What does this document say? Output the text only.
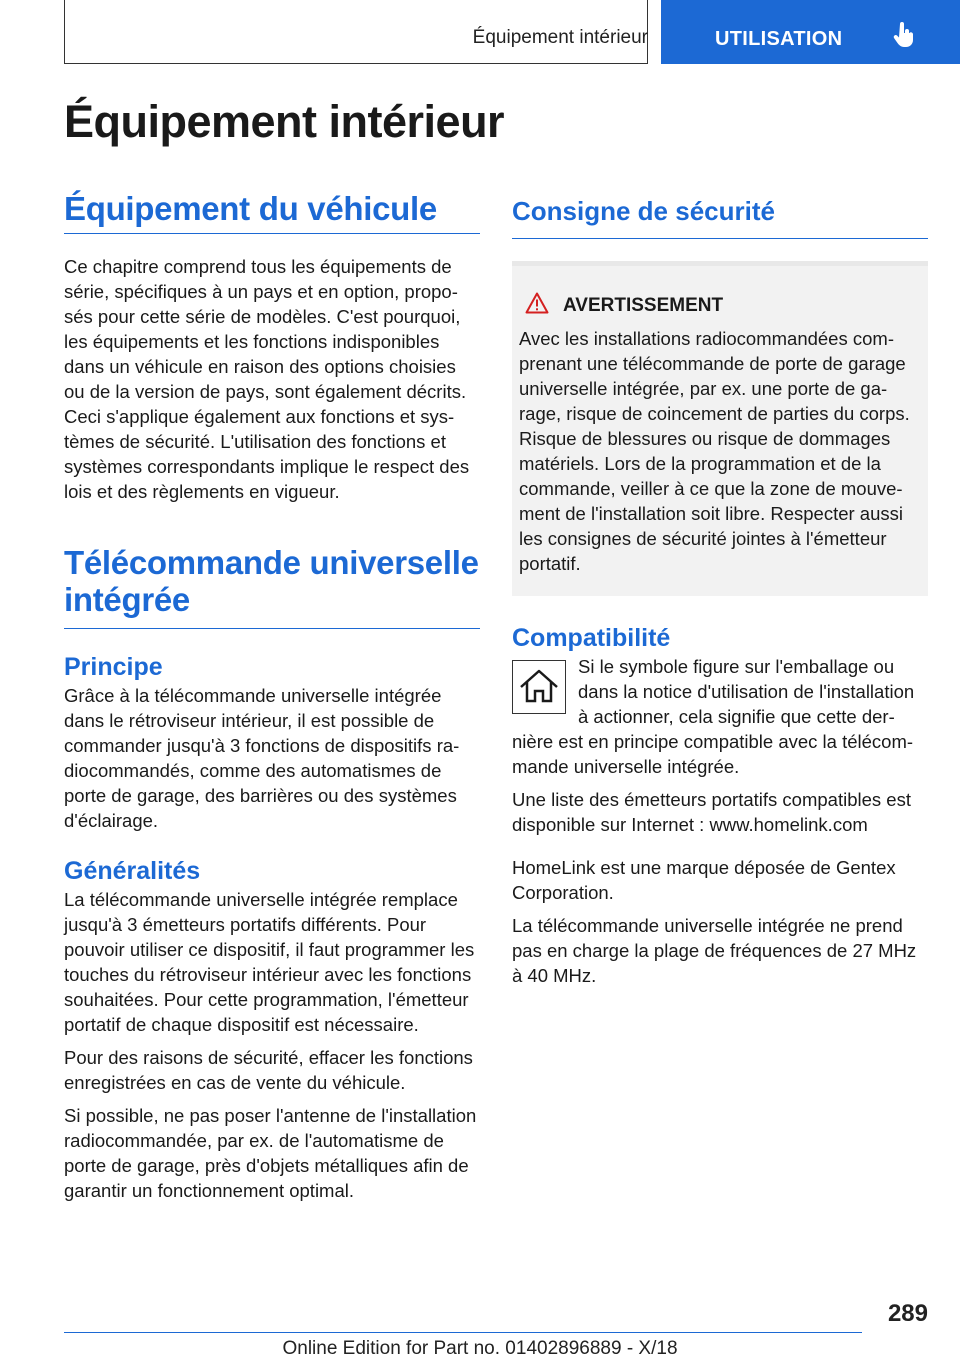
Équipement intérieur	UTILISATION
Équipement intérieur
Équipement du véhicule

Ce chapitre comprend tous les équipements de série, spécifiques à un pays et en option, proposés pour cette série de modèles. C'est pourquoi, les équipements et les fonctions indisponibles dans un véhicule en raison des options choisies ou de la version de pays, sont également décrits. Ceci s'applique également aux fonctions et systèmes de sécurité. L'utilisation des fonctions et systèmes correspondants implique le respect des lois et des règlements en vigueur.

Télécommande universelle intégrée
Principe

Grâce à la télécommande universelle intégrée dans le rétroviseur intérieur, il est possible de commander jusqu'à 3 fonctions de dispositifs radiocommandés, comme des automatismes de porte de garage, des barrières ou des systèmes d'éclairage.

Généralités

La télécommande universelle intégrée remplace jusqu'à 3 émetteurs portatifs différents. Pour pouvoir utiliser ce dispositif, il faut programmer les touches du rétroviseur intérieur avec les fonctions souhaitées. Pour cette programmation, l'émetteur portatif de chaque dispositif est nécessaire.

Pour des raisons de sécurité, effacer les fonctions enregistrées en cas de vente du véhicule.

Si possible, ne pas poser l'antenne de l'installation radiocommandée, par ex. de l'automatisme de porte de garage, près d'objets métalliques afin de garantir un fonctionnement optimal.

Consigne de sécurité
AVERTISSEMENT

Avec les installations radiocommandées comprenant une télécommande de porte de garage universelle intégrée, par ex. une porte de garage, risque de coincement de parties du corps. Risque de blessures ou risque de dommages matériels. Lors de la programmation et de la commande, veiller à ce que la zone de mouvement de l'installation soit libre. Respecter aussi les consignes de sécurité jointes à l'émetteur portatif.

Compatibilité

Si le symbole figure sur l'emballage ou dans la notice d'utilisation de l'installation à actionner, cela signifie que cette dernière est en principe compatible avec la télécommande universelle intégrée.

Une liste des émetteurs portatifs compatibles est disponible sur Internet : www.homelink.com

HomeLink est une marque déposée de Gentex Corporation.

La télécommande universelle intégrée ne prend pas en charge la plage de fréquences de 27 MHz à 40 MHz.

289
Online Edition for Part no. 01402896889 - X/18
